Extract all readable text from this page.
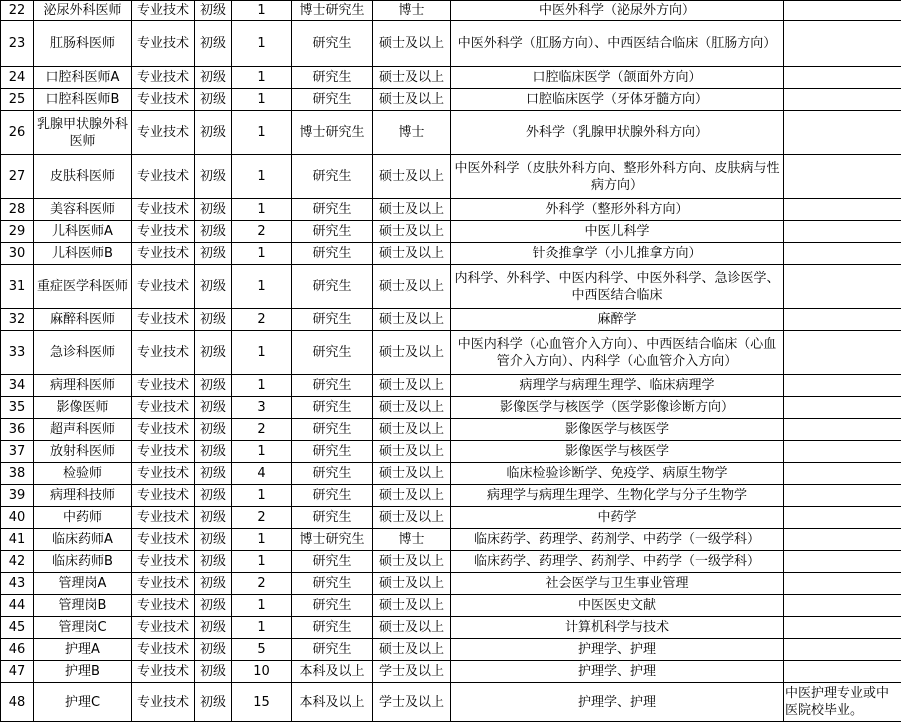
22	泌尿外科医师	专业技术	初级	1	博士研究生	博士	中医外科学（泌尿外方向）	
23	肛肠科医师	专业技术	初级	1	研究生	硕士及以上	中医外科学（肛肠方向）、中西医结合临床（肛肠方向）	
24	口腔科医师A	专业技术	初级	1	研究生	硕士及以上	口腔临床医学（颌面外方向）	
25	口腔科医师B	专业技术	初级	1	研究生	硕士及以上	口腔临床医学（牙体牙髓方向）	
26	乳腺甲状腺外科医师	专业技术	初级	1	博士研究生	博士	外科学（乳腺甲状腺外科方向）	
27	皮肤科医师	专业技术	初级	1	研究生	硕士及以上	中医外科学（皮肤外科方向、整形外科方向、皮肤病与性病方向）	
28	美容科医师	专业技术	初级	1	研究生	硕士及以上	外科学（整形外科方向）	
29	儿科医师A	专业技术	初级	2	研究生	硕士及以上	中医儿科学	
30	儿科医师B	专业技术	初级	1	研究生	硕士及以上	针灸推拿学（小儿推拿方向）	
31	重症医学科医师	专业技术	初级	1	研究生	硕士及以上	内科学、外科学、中医内科学、中医外科学、急诊医学、中西医结合临床	
32	麻醉科医师	专业技术	初级	2	研究生	硕士及以上	麻醉学	
33	急诊科医师	专业技术	初级	1	研究生	硕士及以上	中医内科学（心血管介入方向）、中西医结合临床（心血管介入方向）、内科学（心血管介入方向）	
34	病理科医师	专业技术	初级	1	研究生	硕士及以上	病理学与病理生理学、临床病理学	
35	影像医师	专业技术	初级	3	研究生	硕士及以上	影像医学与核医学（医学影像诊断方向）	
36	超声科医师	专业技术	初级	2	研究生	硕士及以上	影像医学与核医学	
37	放射科医师	专业技术	初级	1	研究生	硕士及以上	影像医学与核医学	
38	检验师	专业技术	初级	4	研究生	硕士及以上	临床检验诊断学、免疫学、病原生物学	
39	病理科技师	专业技术	初级	1	研究生	硕士及以上	病理学与病理生理学、生物化学与分子生物学	
40	中药师	专业技术	初级	2	研究生	硕士及以上	中药学	
41	临床药师A	专业技术	初级	1	博士研究生	博士	临床药学、药理学、药剂学、中药学（一级学科）	
42	临床药师B	专业技术	初级	1	研究生	硕士及以上	临床药学、药理学、药剂学、中药学（一级学科）	
43	管理岗A	专业技术	初级	2	研究生	硕士及以上	社会医学与卫生事业管理	
44	管理岗B	专业技术	初级	1	研究生	硕士及以上	中医医史文献	
45	管理岗C	专业技术	初级	1	研究生	硕士及以上	计算机科学与技术	
46	护理A	专业技术	初级	5	研究生	硕士及以上	护理学、护理	
47	护理B	专业技术	初级	10	本科及以上	学士及以上	护理学、护理	
48	护理C	专业技术	初级	15	本科及以上	学士及以上	护理学、护理	中医护理专业或中医院校毕业。
